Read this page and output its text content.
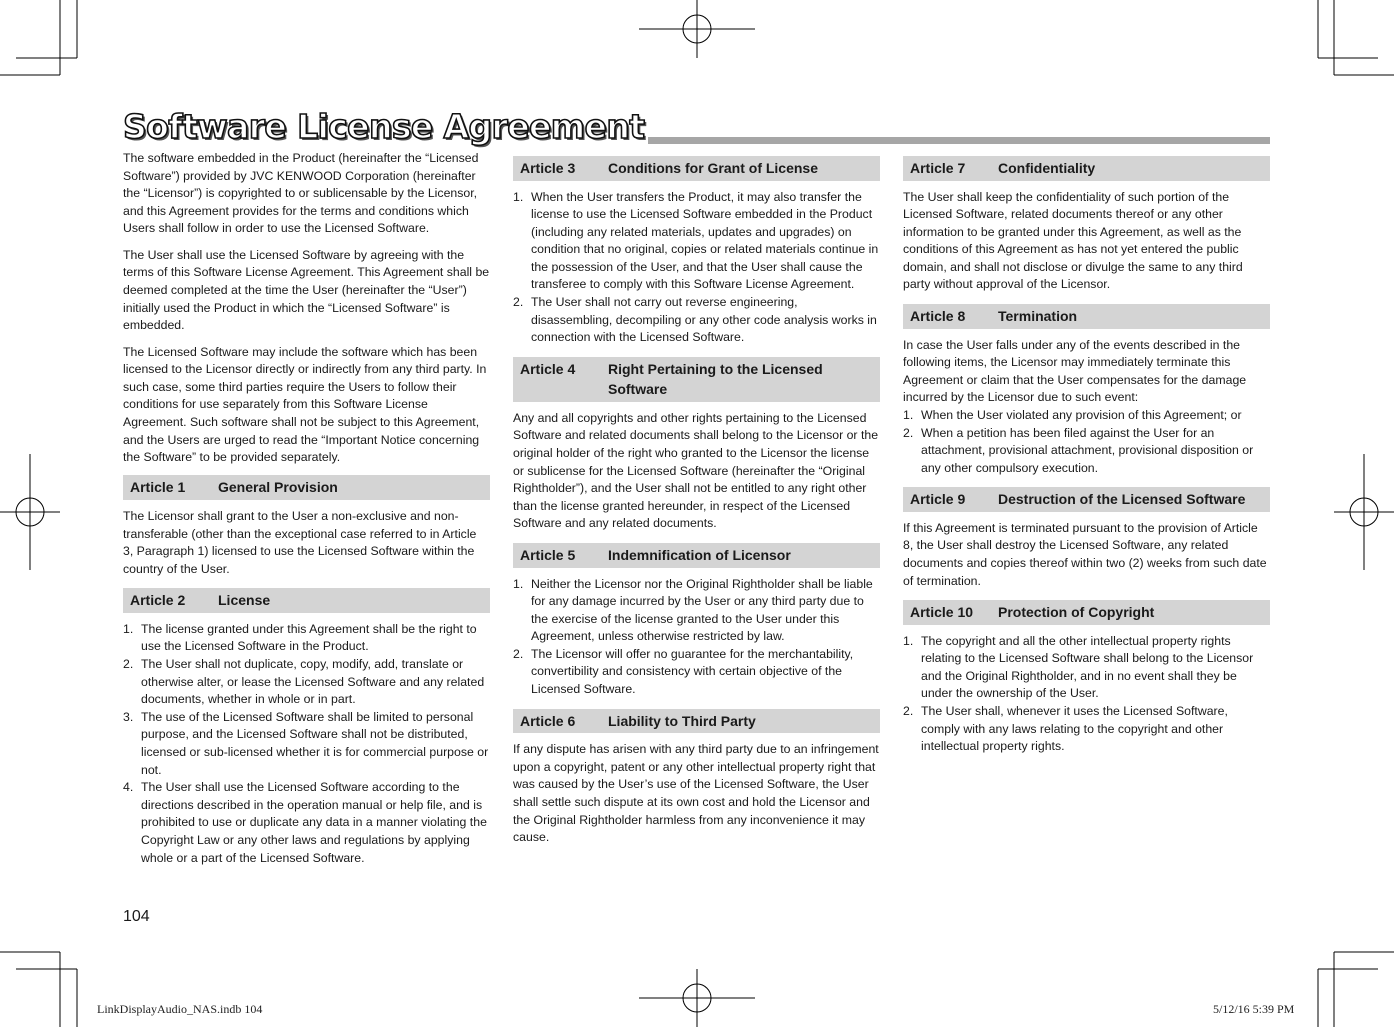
Software License Agreement

The software embedded in the Product (hereinafter the “Licensed Software”) provided by JVC KENWOOD Corporation (hereinafter the “Licensor”) is copyrighted to or sublicensable by the Licensor, and this Agreement provides for the terms and conditions which Users shall follow in order to use the Licensed Software.

The User shall use the Licensed Software by agreeing with the terms of this Software License Agreement. This Agreement shall be deemed completed at the time the User (hereinafter the “User”) initially used the Product in which the “Licensed Software” is embedded.

The Licensed Software may include the software which has been licensed to the Licensor directly or indirectly from any third party. In such case, some third parties require the Users to follow their conditions for use separately from this Software License Agreement. Such software shall not be subject to this Agreement, and the Users are urged to read the “Important Notice concerning the Software” to be provided separately.

Article 1	General Provision

The Licensor shall grant to the User a non-exclusive and non-transferable (other than the exceptional case referred to in Article 3, Paragraph 1) licensed to use the Licensed Software within the country of the User.

Article 2	License
1. The license granted under this Agreement shall be the right to use the Licensed Software in the Product.
2. The User shall not duplicate, copy, modify, add, translate or otherwise alter, or lease the Licensed Software and any related documents, whether in whole or in part.
3. The use of the Licensed Software shall be limited to personal purpose, and the Licensed Software shall not be distributed, licensed or sub-licensed whether it is for commercial purpose or not.
4. The User shall use the Licensed Software according to the directions described in the operation manual or help file, and is prohibited to use or duplicate any data in a manner violating the Copyright Law or any other laws and regulations by applying whole or a part of the Licensed Software.
Article 3	Conditions for Grant of License
1. When the User transfers the Product, it may also transfer the license to use the Licensed Software embedded in the Product (including any related materials, updates and upgrades) on condition that no original, copies or related materials continue in the possession of the User, and that the User shall cause the transferee to comply with this Software License Agreement.
2. The User shall not carry out reverse engineering, disassembling, decompiling or any other code analysis works in connection with the Licensed Software.
Article 4	Right Pertaining to the Licensed Software

Any and all copyrights and other rights pertaining to the Licensed Software and related documents shall belong to the Licensor or the original holder of the right who granted to the Licensor the license or sublicense for the Licensed Software (hereinafter the “Original Rightholder”), and the User shall not be entitled to any right other than the license granted hereunder, in respect of the Licensed Software and any related documents.

Article 5	Indemnification of Licensor
1. Neither the Licensor nor the Original Rightholder shall be liable for any damage incurred by the User or any third party due to the exercise of the license granted to the User under this Agreement, unless otherwise restricted by law.
2. The Licensor will offer no guarantee for the merchantability, convertibility and consistency with certain objective of the Licensed Software.
Article 6	Liability to Third Party

If any dispute has arisen with any third party due to an infringement upon a copyright, patent or any other intellectual property right that was caused by the User’s use of the Licensed Software, the User shall settle such dispute at its own cost and hold the Licensor and the Original Rightholder harmless from any inconvenience it may cause.

Article 7	Confidentiality

The User shall keep the confidentiality of such portion of the Licensed Software, related documents thereof or any other information to be granted under this Agreement, as well as the conditions of this Agreement as has not yet entered the public domain, and shall not disclose or divulge the same to any third party without approval of the Licensor.

Article 8	Termination

In case the User falls under any of the events described in the following items, the Licensor may immediately terminate this Agreement or claim that the User compensates for the damage incurred by the Licensor due to such event:

1. When the User violated any provision of this Agreement; or
2. When a petition has been filed against the User for an attachment, provisional attachment, provisional disposition or any other compulsory execution.
Article 9	Destruction of the Licensed Software

If this Agreement is terminated pursuant to the provision of Article 8, the User shall destroy the Licensed Software, any related documents and copies thereof within two (2) weeks from such date of termination.

Article 10	Protection of Copyright
1. The copyright and all the other intellectual property rights relating to the Licensed Software shall belong to the Licensor and the Original Rightholder, and in no event shall they be under the ownership of the User.
2. The User shall, whenever it uses the Licensed Software, comply with any laws relating to the copyright and other intellectual property rights.
104
LinkDisplayAudio_NAS.indb 104	5/12/16 5:39 PM
